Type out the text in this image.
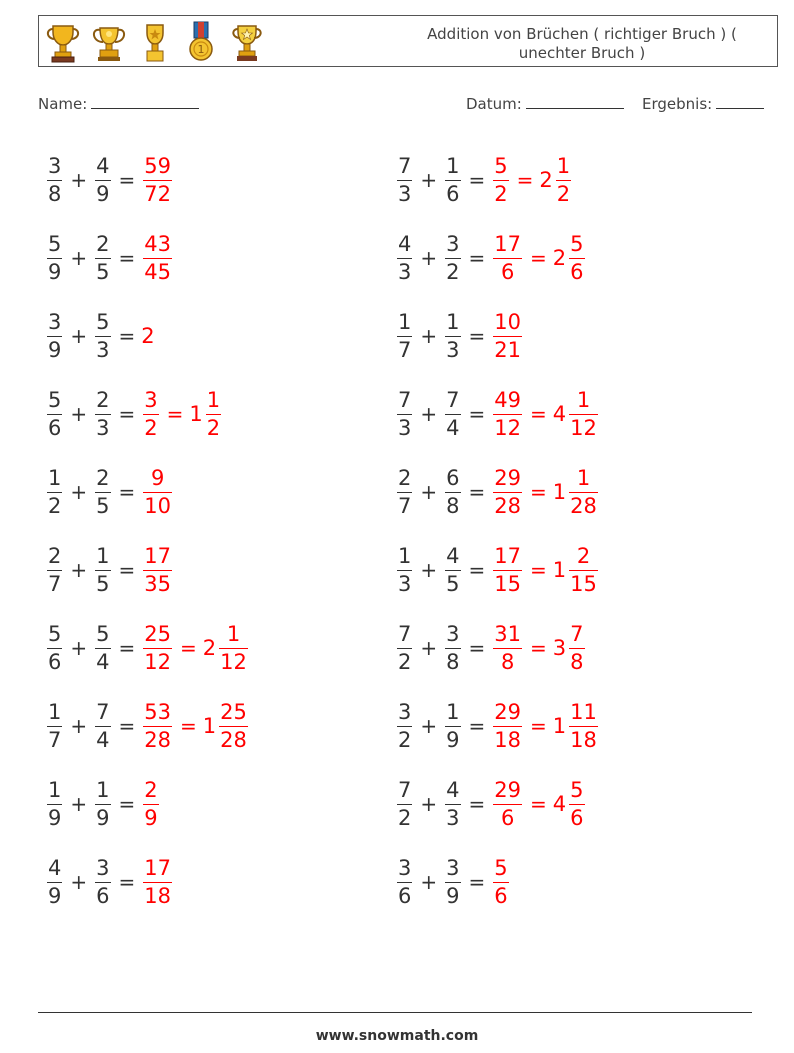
1
Addition von Brüchen ( richtiger Bruch ) ( unechter Bruch )
Name:	Datum:	Ergebnis:
$\frac{3}{8} + \frac{4}{9} = \frac{59}{72}$
$\frac{5}{9} + \frac{2}{5} = \frac{43}{45}$
$\frac{3}{9} + \frac{5}{3} = 2$
$\frac{5}{6} + \frac{2}{3} = \frac{3}{2} = 1 \frac{1}{2}$
$\frac{1}{2} + \frac{2}{5} = \frac{9}{10}$
$\frac{2}{7} + \frac{1}{5} = \frac{17}{35}$
$\frac{5}{6} + \frac{5}{4} = \frac{25}{12} = 2 \frac{1}{12}$
$\frac{1}{7} + \frac{7}{4} = \frac{53}{28} = 1 \frac{25}{28}$
$\frac{1}{9} + \frac{1}{9} = \frac{2}{9}$
$\frac{4}{9} + \frac{3}{6} = \frac{17}{18}$
$\frac{7}{3} + \frac{1}{6} = \frac{5}{2} = 2 \frac{1}{2}$
$\frac{4}{3} + \frac{3}{2} = \frac{17}{6} = 2 \frac{5}{6}$
$\frac{1}{7} + \frac{1}{3} = \frac{10}{21}$
$\frac{7}{3} + \frac{7}{4} = \frac{49}{12} = 4 \frac{1}{12}$
$\frac{2}{7} + \frac{6}{8} = \frac{29}{28} = 1 \frac{1}{28}$
$\frac{1}{3} + \frac{4}{5} = \frac{17}{15} = 1 \frac{2}{15}$
$\frac{7}{2} + \frac{3}{8} = \frac{31}{8} = 3 \frac{7}{8}$
$\frac{3}{2} + \frac{1}{9} = \frac{29}{18} = 1 \frac{11}{18}$
$\frac{7}{2} + \frac{4}{3} = \frac{29}{6} = 4 \frac{5}{6}$
$\frac{3}{6} + \frac{3}{9} = \frac{5}{6}$
www.snowmath.com
